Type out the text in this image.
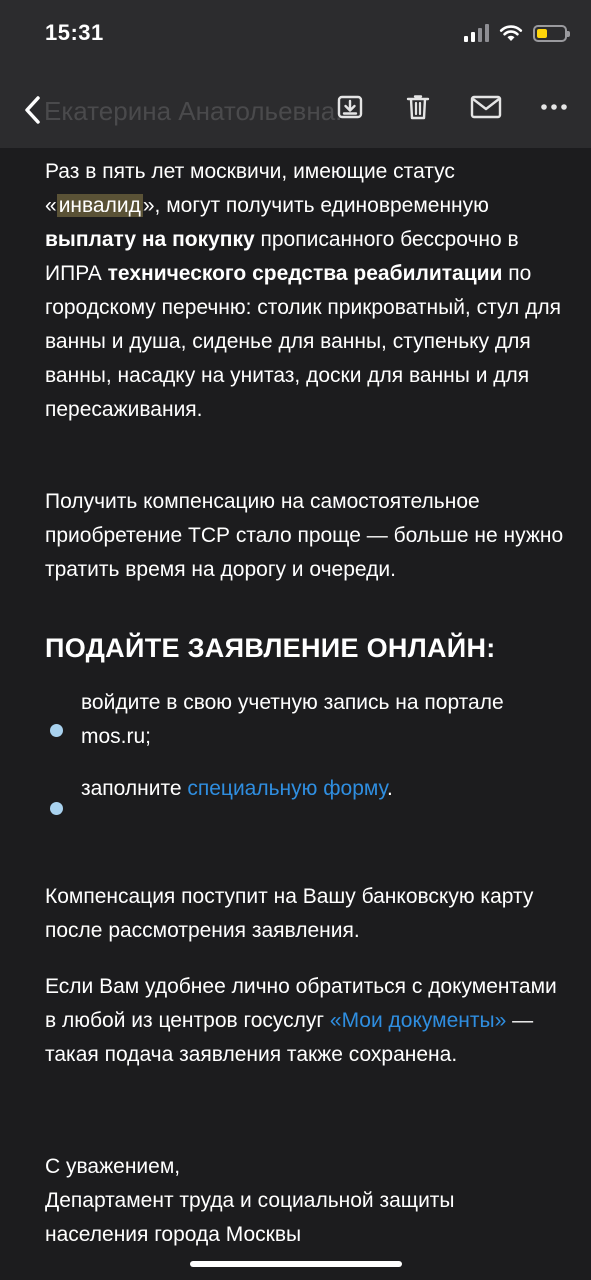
15:31
Екатерина Анатольевна!
Раз в пять лет москвичи, имеющие статус «инвалид», могут получить единовременную выплату на покупку прописанного бессрочно в ИПРА технического средства реабилитации по городскому перечню: столик прикроватный, стул для ванны и душа, сиденье для ванны, ступеньку для ванны, насадку на унитаз, доски для ванны и для пересаживания.
Получить компенсацию на самостоятельное приобретение ТСР стало проще — больше не нужно тратить время на дорогу и очереди.
ПОДАЙТЕ ЗАЯВЛЕНИЕ ОНЛАЙН:
войдите в свою учетную запись на портале mos.ru;
заполните специальную форму.
Компенсация поступит на Вашу банковскую карту после рассмотрения заявления.
Если Вам удобнее лично обратиться с документами в любой из центров госуслуг «Мои документы» — такая подача заявления также сохранена.
С уважением,
Департамент труда и социальной защиты
населения города Москвы
